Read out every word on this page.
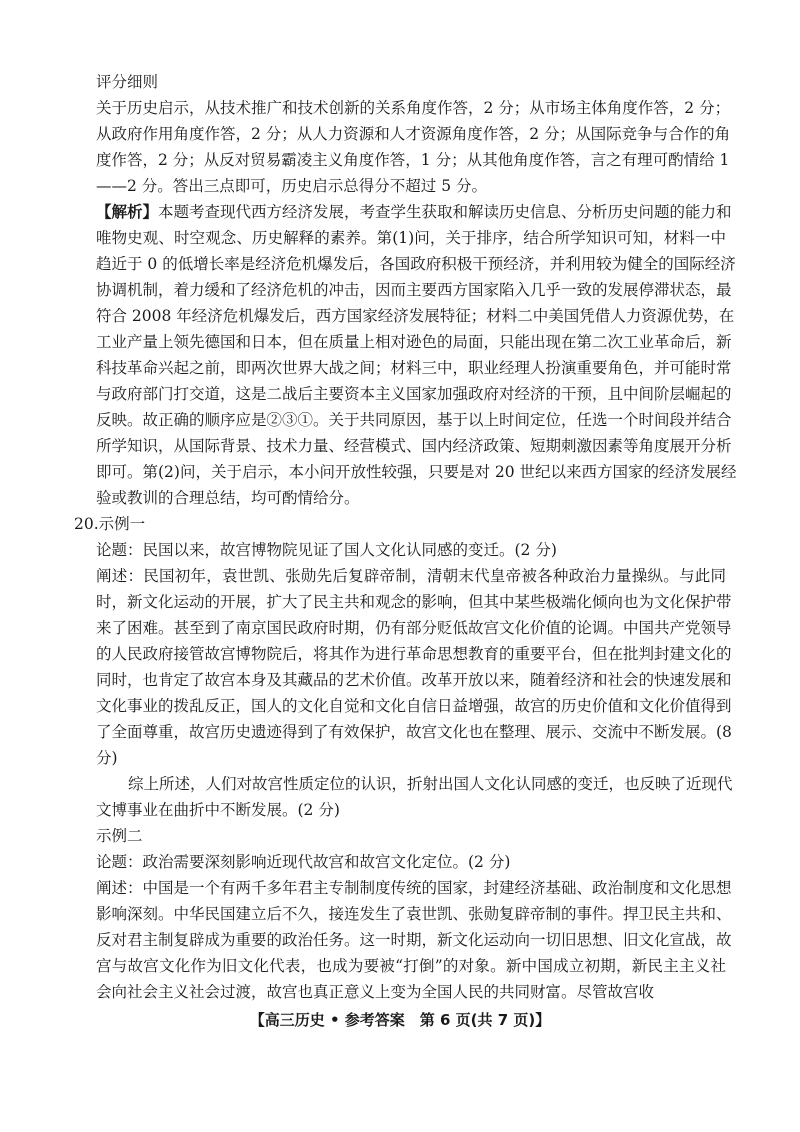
评分细则
关于历史启示，从技术推广和技术创新的关系角度作答，2 分；从市场主体角度作答，2 分；
从政府作用角度作答，2 分；从人力资源和人才资源角度作答，2 分；从国际竞争与合作的角
度作答，2 分；从反对贸易霸凌主义角度作答，1 分；从其他角度作答，言之有理可酌情给 1
——2 分。答出三点即可，历史启示总得分不超过 5 分。
【解析】本题考查现代西方经济发展，考查学生获取和解读历史信息、分析历史问题的能力和
唯物史观、时空观念、历史解释的素养。第(1)问，关于排序，结合所学知识可知，材料一中
趋近于 0 的低增长率是经济危机爆发后，各国政府积极干预经济，并利用较为健全的国际经济
协调机制，着力缓和了经济危机的冲击，因而主要西方国家陷入几乎一致的发展停滞状态，最
符合 2008 年经济危机爆发后，西方国家经济发展特征；材料二中美国凭借人力资源优势，在
工业产量上领先德国和日本，但在质量上相对逊色的局面，只能出现在第二次工业革命后，新
科技革命兴起之前，即两次世界大战之间；材料三中，职业经理人扮演重要角色，并可能时常
与政府部门打交道，这是二战后主要资本主义国家加强政府对经济的干预，且中间阶层崛起的
反映。故正确的顺序应是②③①。关于共同原因，基于以上时间定位，任选一个时间段并结合
所学知识，从国际背景、技术力量、经营模式、国内经济政策、短期刺激因素等角度展开分析
即可。第(2)问，关于启示，本小问开放性较强，只要是对 20 世纪以来西方国家的经济发展经
验或教训的合理总结，均可酌情给分。
20.示例一
论题：民国以来，故宫博物院见证了国人文化认同感的变迁。(2 分)
阐述：民国初年，袁世凯、张勋先后复辟帝制，清朝末代皇帝被各种政治力量操纵。与此同
时，新文化运动的开展，扩大了民主共和观念的影响，但其中某些极端化倾向也为文化保护带
来了困难。甚至到了南京国民政府时期，仍有部分贬低故宫文化价值的论调。中国共产党领导
的人民政府接管故宫博物院后，将其作为进行革命思想教育的重要平台，但在批判封建文化的
同时，也肯定了故宫本身及其藏品的艺术价值。改革开放以来，随着经济和社会的快速发展和
文化事业的拨乱反正，国人的文化自觉和文化自信日益增强，故宫的历史价值和文化价值得到
了全面尊重，故宫历史遗迹得到了有效保护，故宫文化也在整理、展示、交流中不断发展。(8
分)
综上所述，人们对故宫性质定位的认识，折射出国人文化认同感的变迁，也反映了近现代
文博事业在曲折中不断发展。(2 分)
示例二
论题：政治需要深刻影响近现代故宫和故宫文化定位。(2 分)
阐述：中国是一个有两千多年君主专制制度传统的国家，封建经济基础、政治制度和文化思想
影响深刻。中华民国建立后不久，接连发生了袁世凯、张勋复辟帝制的事件。捍卫民主共和、
反对君主制复辟成为重要的政治任务。这一时期，新文化运动向一切旧思想、旧文化宣战，故
宫与故宫文化作为旧文化代表，也成为要被“打倒”的对象。新中国成立初期，新民主主义社
会向社会主义社会过渡，故宫也真正意义上变为全国人民的共同财富。尽管故宫收
【高三历史 • 参考答案　第 6 页(共 7 页)】
